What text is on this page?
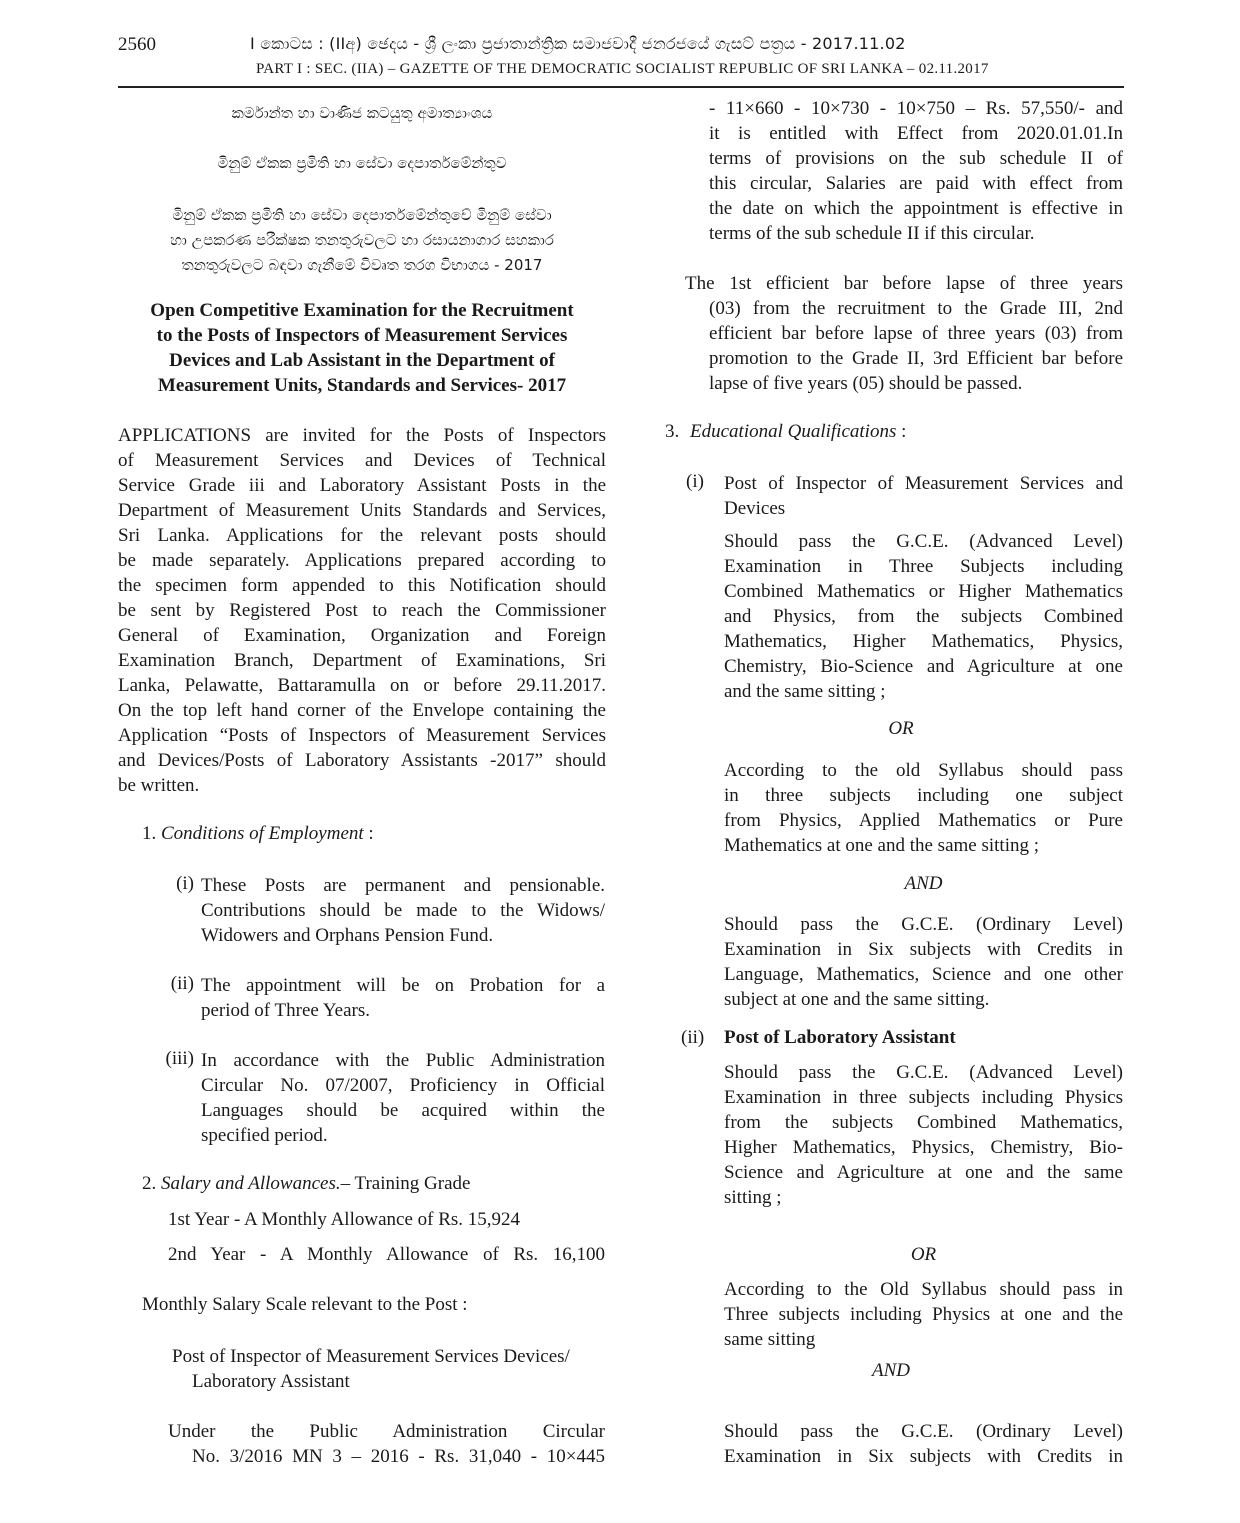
2560	I කොටස : (IIඅ) ඡෙදය - ශ්‍රී ලංකා ප්‍රජාතාන්ත්‍රික සමාජවාදී ජනරජයේ ගැසට් පත්‍රය - 2017.11.02
PART I : SEC. (IIA) – GAZETTE OF THE DEMOCRATIC SOCIALIST REPUBLIC OF SRI LANKA – 02.11.2017
කර්මාන්ත හා වාණිජ කටයුතු අමාත්‍යාංශය
මිනුම් ඒකක ප්‍රමිති හා සේවා දෙපාර්තමේන්තුව
මිනුම් ඒකක ප්‍රමිති හා සේවා දෙපාර්තමේන්තුවේ මිනුම් සේවා
හා උපකරණ පරීක්ෂක තනතුරුවලට හා රසායනාගාර සහකාර
තනතුරුවලට බඳවා ගැනීමේ විවෘත තරග විභාගය - 2017
Open Competitive Examination for the Recruitment
to the Posts of Inspectors of Measurement Services
Devices and Lab Assistant in the Department of
Measurement Units, Standards and Services- 2017
APPLICATIONS are invited for the Posts of Inspectors
of Measurement Services and Devices of Technical
Service Grade iii and Laboratory Assistant Posts in the
Department of Measurement Units Standards and Services,
Sri Lanka. Applications for the relevant posts should
be made separately. Applications prepared according to
the specimen form appended to this Notification should
be sent by Registered Post to reach the Commissioner
General of Examination, Organization and Foreign
Examination Branch, Department of Examinations, Sri
Lanka, Pelawatte, Battaramulla on or before 29.11.2017.
On the top left hand corner of the Envelope containing the
Application “Posts of Inspectors of Measurement Services
and Devices/Posts of Laboratory Assistants -2017” should
be written.
1. Conditions of Employment :
(i) These Posts are permanent and pensionable.
Contributions should be made to the Widows/
Widowers and Orphans Pension Fund.
(ii) The appointment will be on Probation for a
period of Three Years.
(iii) In accordance with the Public Administration
Circular No. 07/2007, Proficiency in Official
Languages should be acquired within the
specified period.
2. Salary and Allowances.– Training Grade
1st Year - A Monthly Allowance of Rs. 15,924
2nd Year - A Monthly Allowance of Rs. 16,100
Monthly Salary Scale relevant to the Post :
Post of Inspector of Measurement Services Devices/
Laboratory Assistant
Under the Public Administration Circular
No. 3/2016 MN 3 – 2016 - Rs. 31,040 - 10×445
- 11×660 - 10×730 - 10×750 – Rs. 57,550/- and
it is entitled with Effect from 2020.01.01.In
terms of provisions on the sub schedule II of
this circular, Salaries are paid with effect from
the date on which the appointment is effective in
terms of the sub schedule II if this circular.
The 1st efficient bar before lapse of three years
(03) from the recruitment to the Grade III, 2nd
efficient bar before lapse of three years (03) from
promotion to the Grade II, 3rd Efficient bar before
lapse of five years (05) should be passed.
3. Educational Qualifications :
(i) Post of Inspector of Measurement Services and
Devices
Should pass the G.C.E. (Advanced Level)
Examination in Three Subjects including
Combined Mathematics or Higher Mathematics
and Physics, from the subjects Combined
Mathematics, Higher Mathematics, Physics,
Chemistry, Bio-Science and Agriculture at one
and the same sitting ;
OR
According to the old Syllabus should pass
in three subjects including one subject
from Physics, Applied Mathematics or Pure
Mathematics at one and the same sitting ;
AND
Should pass the G.C.E. (Ordinary Level)
Examination in Six subjects with Credits in
Language, Mathematics, Science and one other
subject at one and the same sitting.
(ii) Post of Laboratory Assistant
Should pass the G.C.E. (Advanced Level)
Examination in three subjects including Physics
from the subjects Combined Mathematics,
Higher Mathematics, Physics, Chemistry, Bio-
Science and Agriculture at one and the same
sitting ;
OR
According to the Old Syllabus should pass in
Three subjects including Physics at one and the
same sitting
AND
Should pass the G.C.E. (Ordinary Level)
Examination in Six subjects with Credits in
